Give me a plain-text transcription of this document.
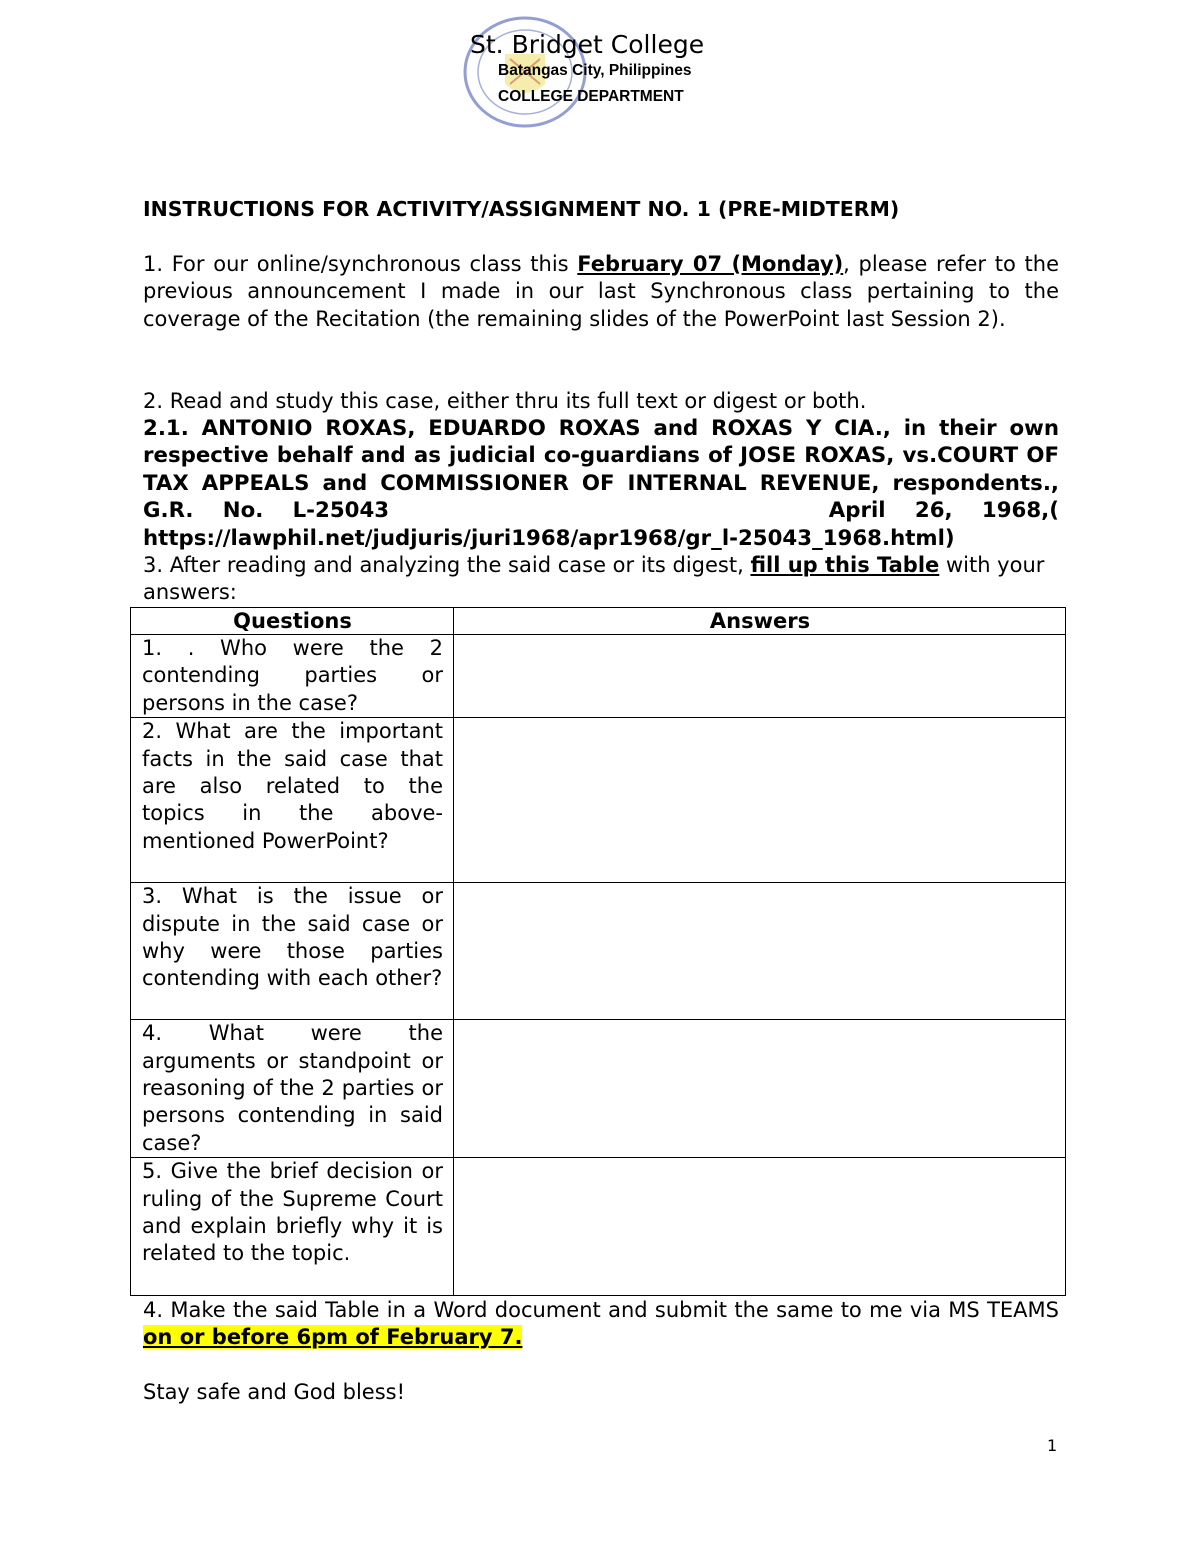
St. Bridget College
Batangas City, Philippines
COLLEGE DEPARTMENT
INSTRUCTIONS FOR ACTIVITY/ASSIGNMENT NO. 1 (PRE-MIDTERM)
1. For our online/synchronous class this February 07 (Monday), please refer to the previous announcement I made in our last Synchronous class pertaining to the coverage of the Recitation (the remaining slides of the PowerPoint last Session 2).
2. Read and study this case, either thru its full text or digest or both.
2.1. ANTONIO ROXAS, EDUARDO ROXAS and ROXAS Y CIA., in their own respective behalf and as judicial co-guardians of JOSE ROXAS, vs.COURT OF TAX APPEALS and COMMISSIONER OF INTERNAL REVENUE, respondents., G.R. No. L-25043	April 26, 1968,( https://lawphil.net/judjuris/juri1968/apr1968/gr_l-25043_1968.html)
3. After reading and analyzing the said case or its digest, fill up this Table with your answers:
Questions	Answers
1. . Who were the 2 contending parties or persons in the case?	
2. What are the important facts in the said case that are also related to the topics in the above-mentioned PowerPoint?	
3. What is the issue or dispute in the said case or why were those parties contending with each other?	
4. What were the arguments or standpoint or reasoning of the 2 parties or persons contending in said case?	
5. Give the brief decision or ruling of the Supreme Court and explain briefly why it is related to the topic.	
4. Make the said Table in a Word document and submit the same to me via MS TEAMS on or before 6pm of February 7.
Stay safe and God bless!
1
